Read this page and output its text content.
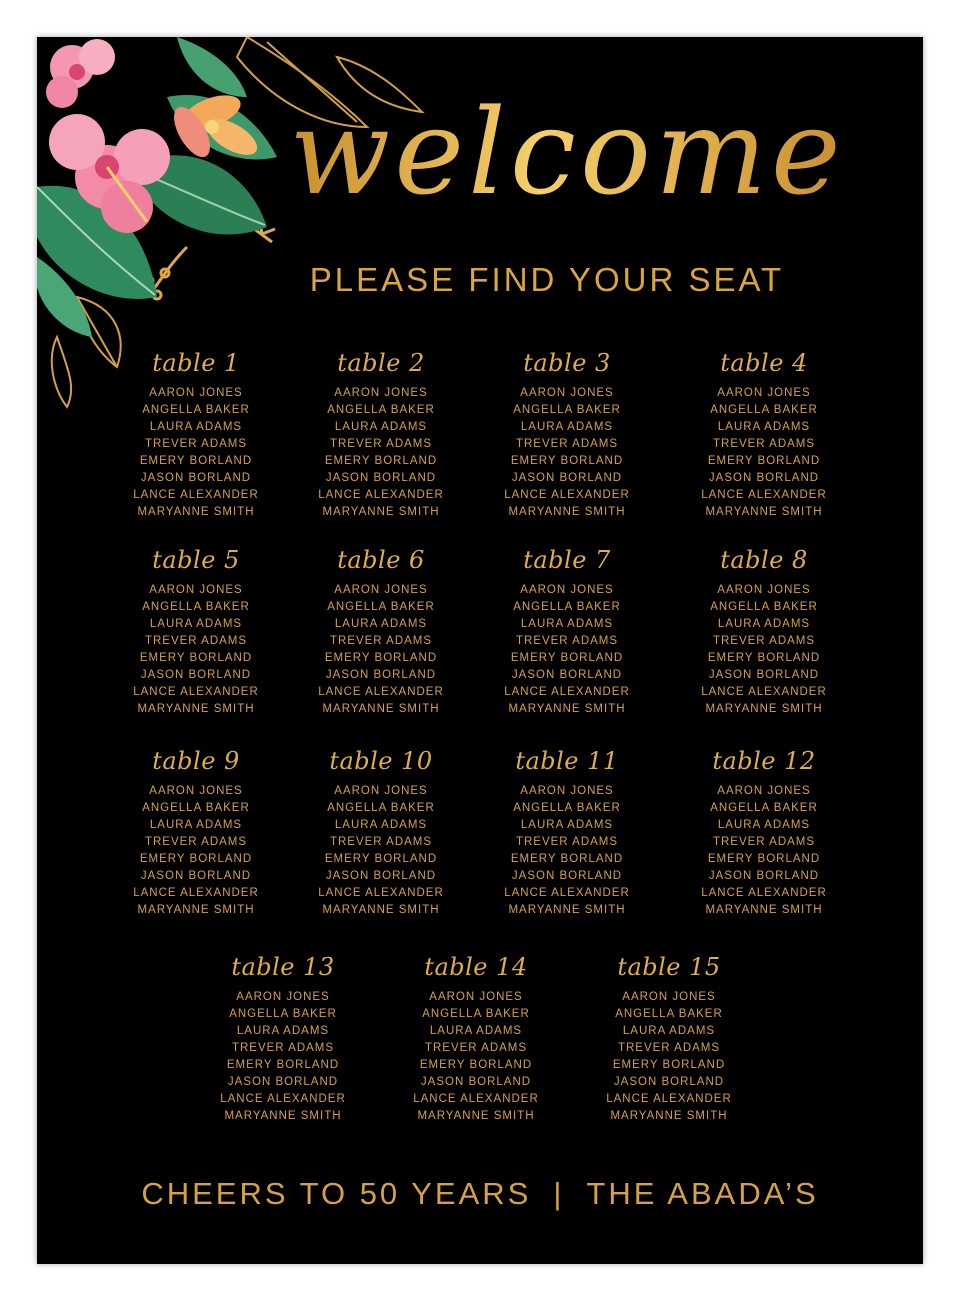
welcome
PLEASE FIND YOUR SEAT
table 1
AARON JONES
ANGELLA BAKER
LAURA ADAMS
TREVER ADAMS
EMERY BORLAND
JASON BORLAND
LANCE ALEXANDER
MARYANNE SMITH
table 2
AARON JONES
ANGELLA BAKER
LAURA ADAMS
TREVER ADAMS
EMERY BORLAND
JASON BORLAND
LANCE ALEXANDER
MARYANNE SMITH
table 3
AARON JONES
ANGELLA BAKER
LAURA ADAMS
TREVER ADAMS
EMERY BORLAND
JASON BORLAND
LANCE ALEXANDER
MARYANNE SMITH
table 4
AARON JONES
ANGELLA BAKER
LAURA ADAMS
TREVER ADAMS
EMERY BORLAND
JASON BORLAND
LANCE ALEXANDER
MARYANNE SMITH
table 5
AARON JONES
ANGELLA BAKER
LAURA ADAMS
TREVER ADAMS
EMERY BORLAND
JASON BORLAND
LANCE ALEXANDER
MARYANNE SMITH
table 6
AARON JONES
ANGELLA BAKER
LAURA ADAMS
TREVER ADAMS
EMERY BORLAND
JASON BORLAND
LANCE ALEXANDER
MARYANNE SMITH
table 7
AARON JONES
ANGELLA BAKER
LAURA ADAMS
TREVER ADAMS
EMERY BORLAND
JASON BORLAND
LANCE ALEXANDER
MARYANNE SMITH
table 8
AARON JONES
ANGELLA BAKER
LAURA ADAMS
TREVER ADAMS
EMERY BORLAND
JASON BORLAND
LANCE ALEXANDER
MARYANNE SMITH
table 9
AARON JONES
ANGELLA BAKER
LAURA ADAMS
TREVER ADAMS
EMERY BORLAND
JASON BORLAND
LANCE ALEXANDER
MARYANNE SMITH
table 10
AARON JONES
ANGELLA BAKER
LAURA ADAMS
TREVER ADAMS
EMERY BORLAND
JASON BORLAND
LANCE ALEXANDER
MARYANNE SMITH
table 11
AARON JONES
ANGELLA BAKER
LAURA ADAMS
TREVER ADAMS
EMERY BORLAND
JASON BORLAND
LANCE ALEXANDER
MARYANNE SMITH
table 12
AARON JONES
ANGELLA BAKER
LAURA ADAMS
TREVER ADAMS
EMERY BORLAND
JASON BORLAND
LANCE ALEXANDER
MARYANNE SMITH
table 13
AARON JONES
ANGELLA BAKER
LAURA ADAMS
TREVER ADAMS
EMERY BORLAND
JASON BORLAND
LANCE ALEXANDER
MARYANNE SMITH
table 14
AARON JONES
ANGELLA BAKER
LAURA ADAMS
TREVER ADAMS
EMERY BORLAND
JASON BORLAND
LANCE ALEXANDER
MARYANNE SMITH
table 15
AARON JONES
ANGELLA BAKER
LAURA ADAMS
TREVER ADAMS
EMERY BORLAND
JASON BORLAND
LANCE ALEXANDER
MARYANNE SMITH
CHEERS TO 50 YEARS | THE ABADA’S
